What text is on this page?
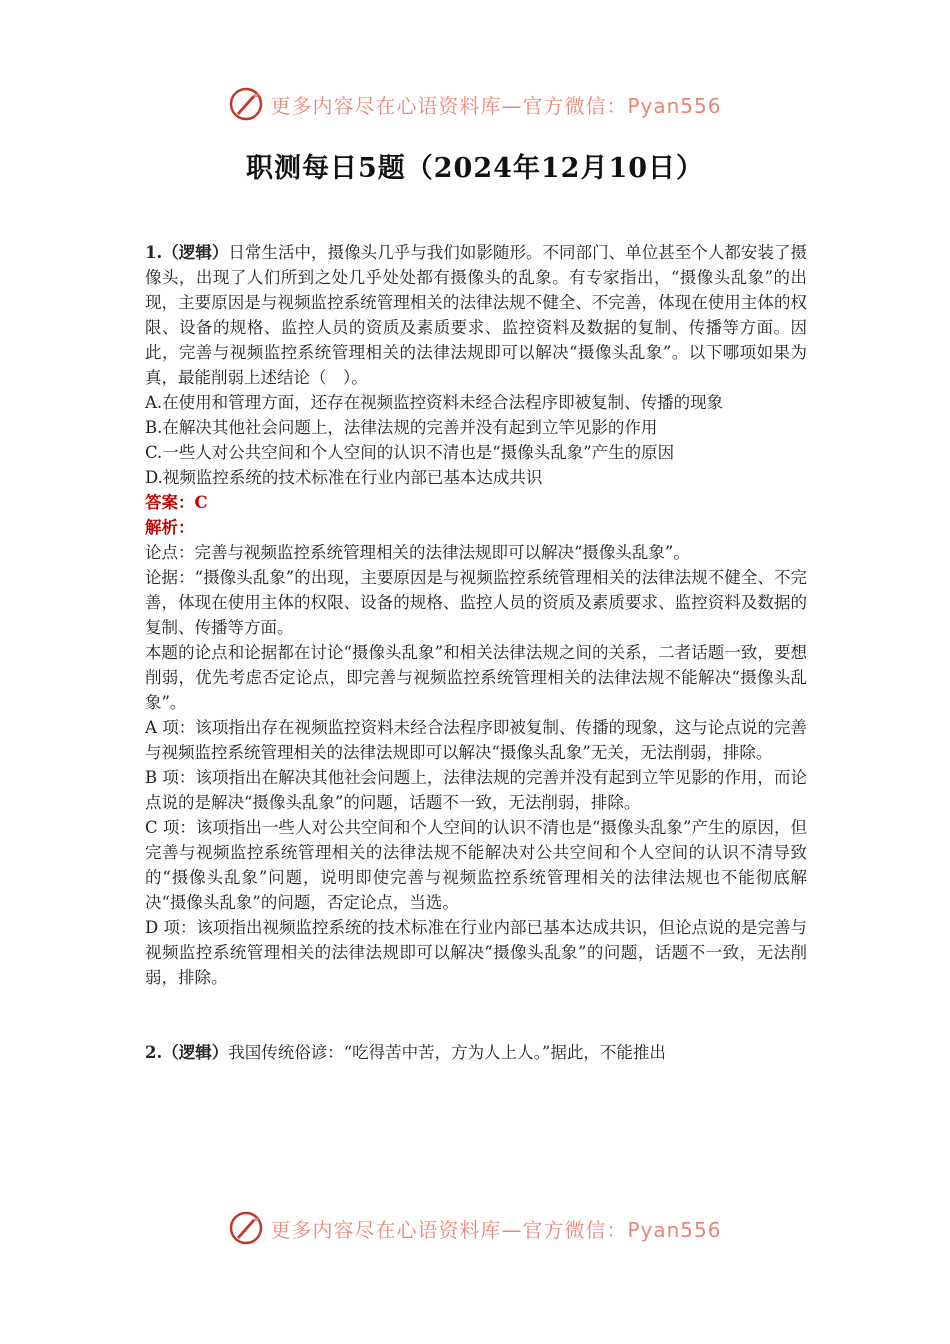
更多内容尽在心语资料库—官方微信：Pyan556
职测每日5题（2024年12月10日）

1.（逻辑）日常生活中，摄像头几乎与我们如影随形。不同部门、单位甚至个人都安装了摄像头，出现了人们所到之处几乎处处都有摄像头的乱象。有专家指出，“摄像头乱象”的出现，主要原因是与视频监控系统管理相关的法律法规不健全、不完善，体现在使用主体的权限、设备的规格、监控人员的资质及素质要求、监控资料及数据的复制、传播等方面。因此，完善与视频监控系统管理相关的法律法规即可以解决“摄像头乱象”。以下哪项如果为真，最能削弱上述结论（　）。

A.在使用和管理方面，还存在视频监控资料未经合法程序即被复制、传播的现象

B.在解决其他社会问题上，法律法规的完善并没有起到立竿见影的作用

C.一些人对公共空间和个人空间的认识不清也是“摄像头乱象”产生的原因

D.视频监控系统的技术标准在行业内部已基本达成共识

答案：C

解析：

论点：完善与视频监控系统管理相关的法律法规即可以解决“摄像头乱象”。

论据：“摄像头乱象”的出现，主要原因是与视频监控系统管理相关的法律法规不健全、不完善，体现在使用主体的权限、设备的规格、监控人员的资质及素质要求、监控资料及数据的复制、传播等方面。

本题的论点和论据都在讨论“摄像头乱象”和相关法律法规之间的关系，二者话题一致，要想削弱，优先考虑否定论点，即完善与视频监控系统管理相关的法律法规不能解决“摄像头乱象”。

A 项：该项指出存在视频监控资料未经合法程序即被复制、传播的现象，这与论点说的完善与视频监控系统管理相关的法律法规即可以解决“摄像头乱象”无关，无法削弱，排除。

B 项：该项指出在解决其他社会问题上，法律法规的完善并没有起到立竿见影的作用，而论点说的是解决“摄像头乱象”的问题，话题不一致，无法削弱，排除。

C 项：该项指出一些人对公共空间和个人空间的认识不清也是“摄像头乱象”产生的原因，但完善与视频监控系统管理相关的法律法规不能解决对公共空间和个人空间的认识不清导致的“摄像头乱象”问题，说明即使完善与视频监控系统管理相关的法律法规也不能彻底解决“摄像头乱象”的问题，否定论点，当选。

D 项：该项指出视频监控系统的技术标准在行业内部已基本达成共识，但论点说的是完善与视频监控系统管理相关的法律法规即可以解决“摄像头乱象”的问题，话题不一致，无法削弱，排除。

2.（逻辑）我国传统俗谚：“吃得苦中苦，方为人上人。”据此，不能推出

更多内容尽在心语资料库—官方微信：Pyan556
